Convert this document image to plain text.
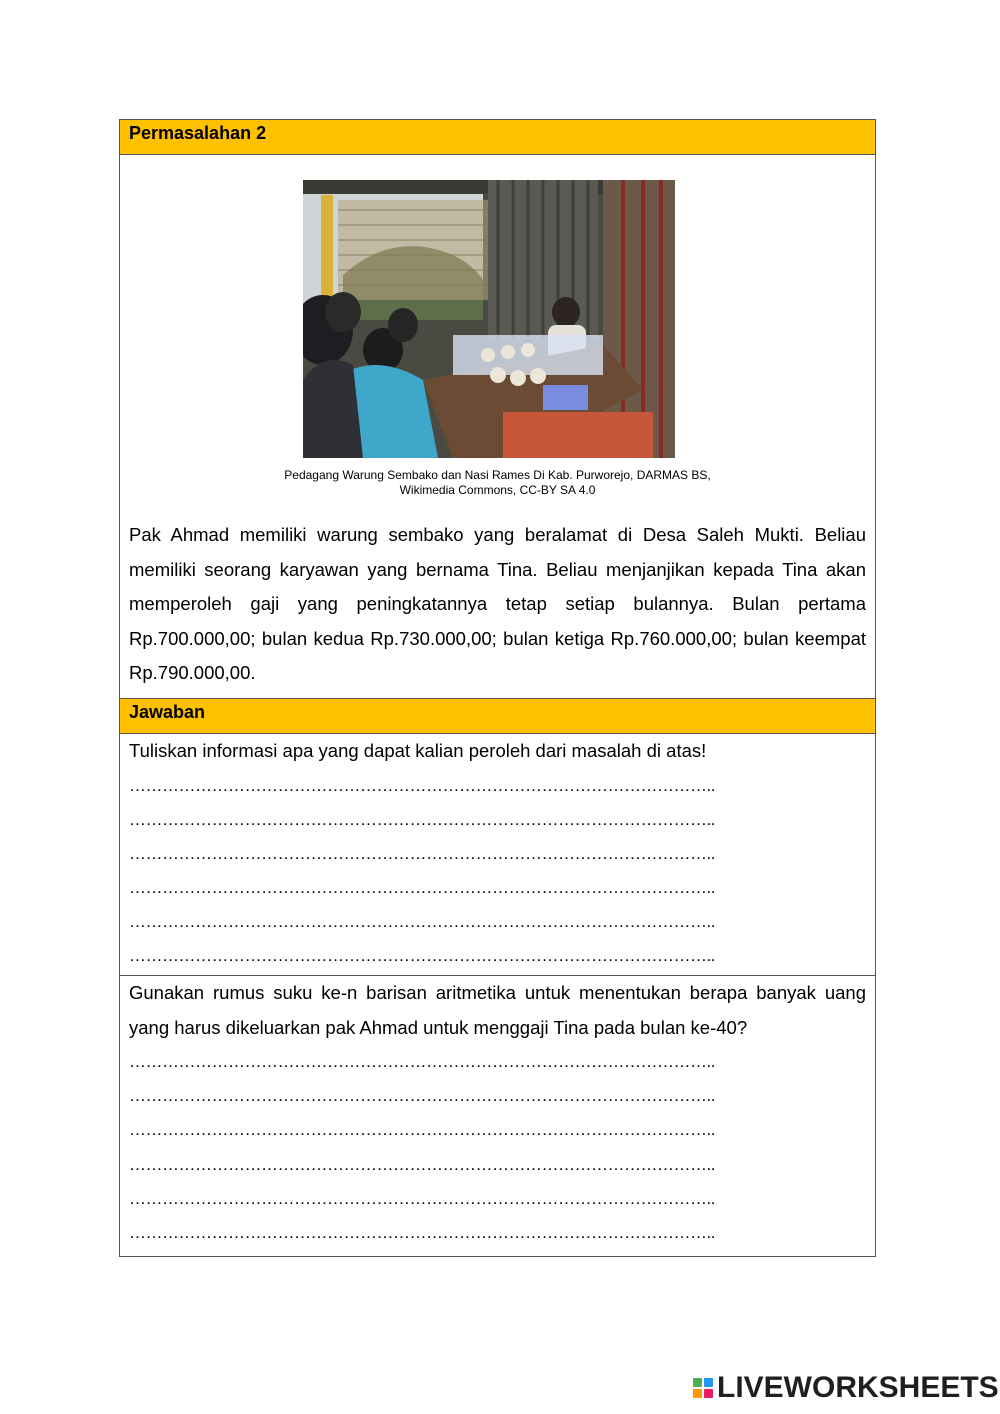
Permasalahan 2
Pedagang Warung Sembako dan Nasi Rames Di Kab. Purworejo, DARMAS BS,
Wikimedia Commons, CC-BY SA 4.0

Pak Ahmad memiliki warung sembako yang beralamat di Desa Saleh Mukti. Beliau memiliki seorang karyawan yang bernama Tina. Beliau menjanjikan kepada Tina akan memperoleh gaji yang peningkatannya tetap setiap bulannya. Bulan pertama Rp.700.000,00; bulan kedua Rp.730.000,00; bulan ketiga Rp.760.000,00; bulan keempat Rp.790.000,00.

Jawaban

Tuliskan informasi apa yang dapat kalian peroleh dari masalah di atas!

……………………………………………………………………………………………..
……………………………………………………………………………………………..
……………………………………………………………………………………………..
……………………………………………………………………………………………..
……………………………………………………………………………………………..
……………………………………………………………………………………………..

Gunakan rumus suku ke-n barisan aritmetika untuk menentukan berapa banyak uang yang harus dikeluarkan pak Ahmad untuk menggaji Tina pada bulan ke-40?

……………………………………………………………………………………………..
……………………………………………………………………………………………..
……………………………………………………………………………………………..
……………………………………………………………………………………………..
……………………………………………………………………………………………..
……………………………………………………………………………………………..
LIVEWORKSHEETS
